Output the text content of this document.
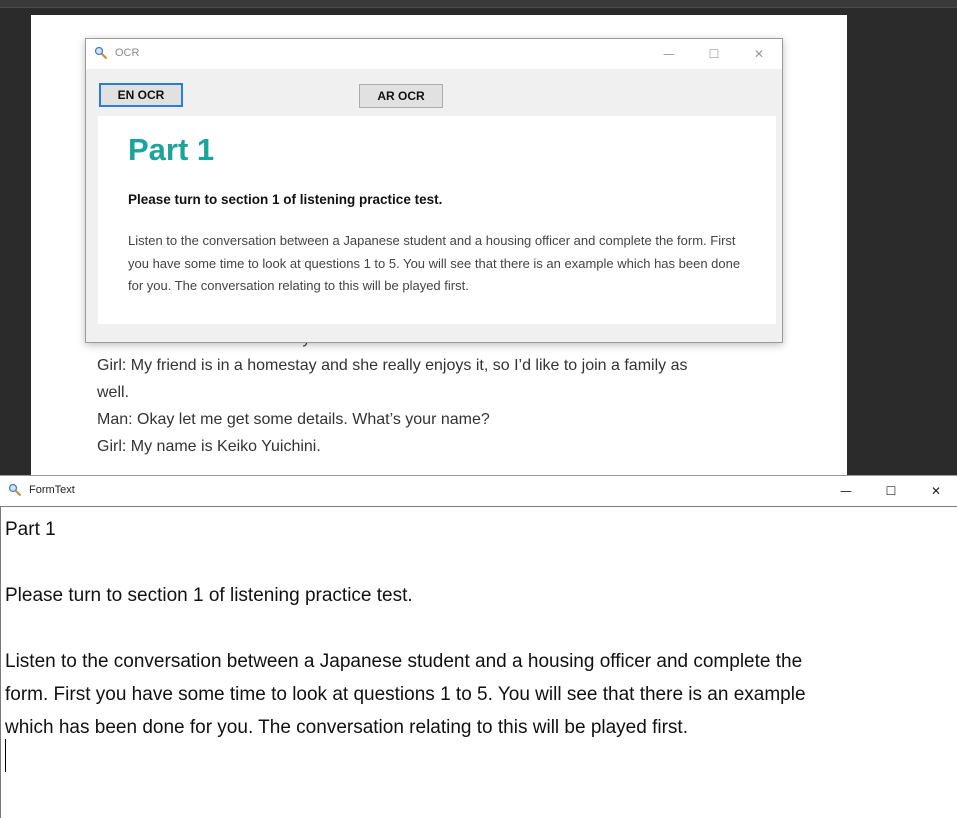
Girl: My friend is in a homestay and she really enjoys it, so I’d like to join a family as
well.
Man: Okay let me get some details. What’s your name?
Girl: My name is Keiko Yuichini.
OCR	—	☐	✕
EN OCR	AR OCR
Part 1
Please turn to section 1 of listening practice test.
Listen to the conversation between a Japanese student and a housing officer and complete the form. First you have some time to look at questions 1 to 5. You will see that there is an example which has been done for you. The conversation relating to this will be played first.
FormText	—	☐	✕
Part 1
Please turn to section 1 of listening practice test.
Listen to the conversation between a Japanese student and a housing officer and complete the
form. First you have some time to look at questions 1 to 5. You will see that there is an example
which has been done for you. The conversation relating to this will be played first.
